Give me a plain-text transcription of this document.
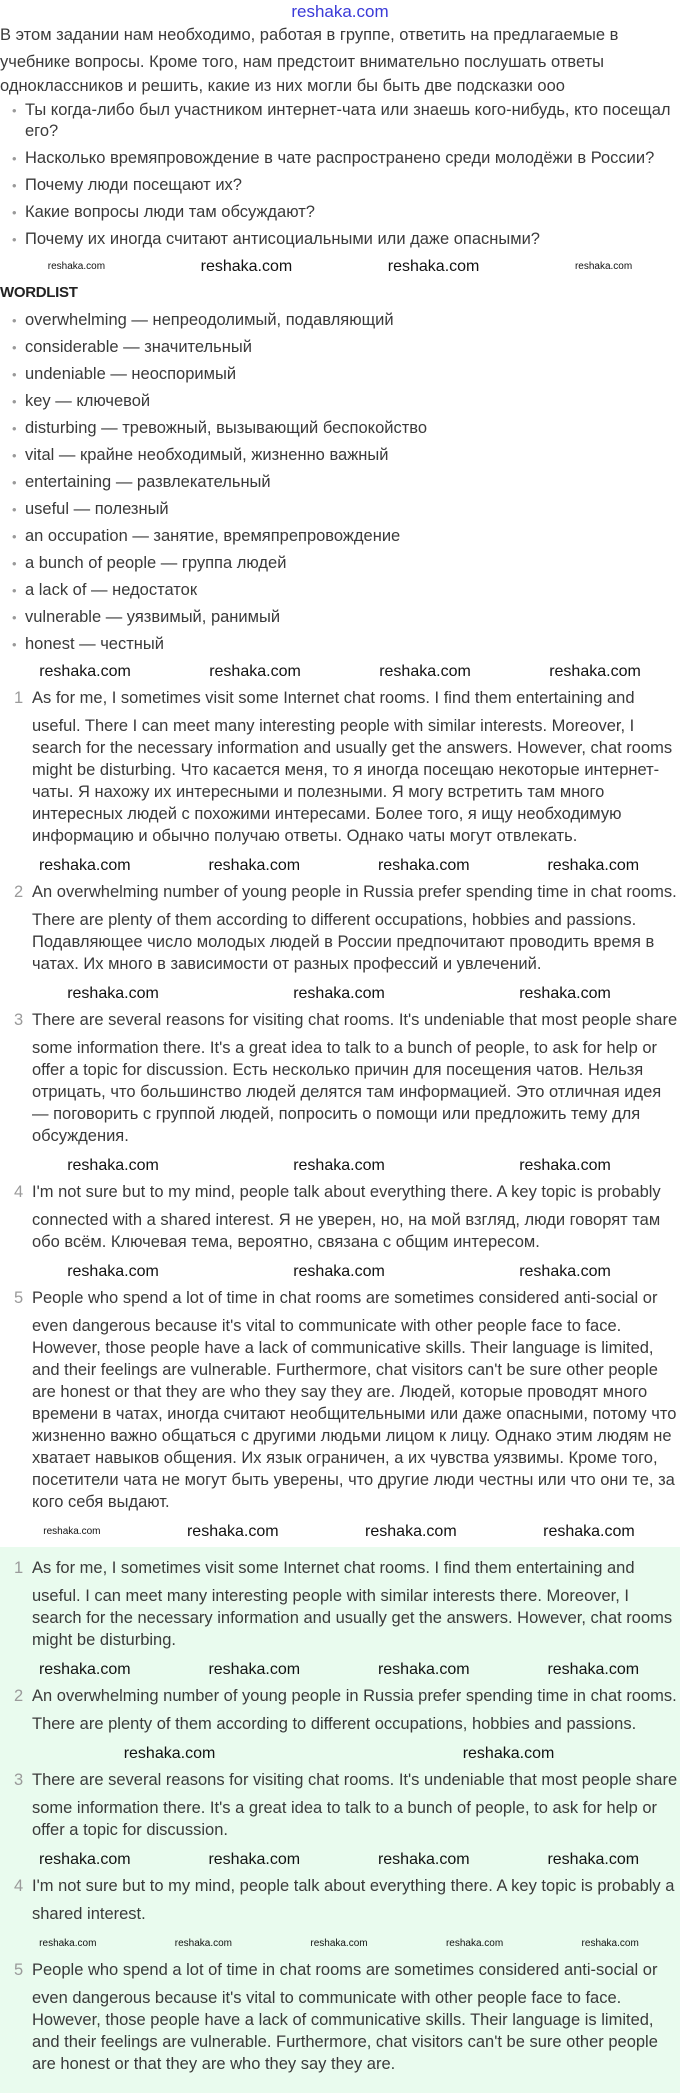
reshaka.com
В этом задании нам необходимо, работая в группе, ответить на предлагаемые в
учебнике вопросы. Кроме того, нам предстоит внимательно послушать ответы

одноклассников и решить, какие из них могли бы быть две подсказки ооо
• Ты когда-либо был участником интернет-чата или знаешь кого-нибудь, кто посещал его?
• Насколько времяпровождение в чате распространено среди молодёжи в России?
• Почему люди посещают их?
• Какие вопросы люди там обсуждают?
• Почему их иногда считают антисоциальными или даже опасными?
reshaka.com	reshaka.com	reshaka.com	reshaka.com
WORDLIST
• overwhelming — непреодолимый, подавляющий
• considerable — значительный
• undeniable — неоспоримый
• key — ключевой
• disturbing — тревожный, вызывающий беспокойство
• vital — крайне необходимый, жизненно важный
• entertaining — развлекательный
• useful — полезный
• an occupation — занятие, времяпрепровождение
• a bunch of people — группа людей
• a lack of — недостаток
• vulnerable — уязвимый, ранимый
• honest — честный
reshaka.com	reshaka.com	reshaka.com	reshaka.com
1 As for me, I sometimes visit some Internet chat rooms. I find them entertaining and
useful. There I can meet many interesting people with similar interests. Moreover, I search for the necessary information and usually get the answers. However, chat rooms might be disturbing. Что касается меня, то я иногда посещаю некоторые интернет-чаты. Я нахожу их интересными и полезными. Я могу встретить там много интересных людей с похожими интересами. Более того, я ищу необходимую информацию и обычно получаю ответы. Однако чаты могут отвлекать.
reshaka.com	reshaka.com	reshaka.com	reshaka.com
2 An overwhelming number of young people in Russia prefer spending time in chat rooms.
There are plenty of them according to different occupations, hobbies and passions. Подавляющее число молодых людей в России предпочитают проводить время в чатах. Их много в зависимости от разных профессий и увлечений.
reshaka.com	reshaka.com	reshaka.com
3 There are several reasons for visiting chat rooms. It's undeniable that most people share
some information there. It's a great idea to talk to a bunch of people, to ask for help or offer a topic for discussion. Есть несколько причин для посещения чатов. Нельзя отрицать, что большинство людей делятся там информацией. Это отличная идея — поговорить с группой людей, попросить о помощи или предложить тему для обсуждения.
reshaka.com	reshaka.com	reshaka.com
4 I'm not sure but to my mind, people talk about everything there. A key topic is probably
connected with a shared interest. Я не уверен, но, на мой взгляд, люди говорят там обо всём. Ключевая тема, вероятно, связана с общим интересом.
reshaka.com	reshaka.com	reshaka.com
5 People who spend a lot of time in chat rooms are sometimes considered anti-social or
even dangerous because it's vital to communicate with other people face to face. However, those people have a lack of communicative skills. Their language is limited, and their feelings are vulnerable. Furthermore, chat visitors can't be sure other people are honest or that they are who they say they are. Людей, которые проводят много времени в чатах, иногда считают необщительными или даже опасными, потому что жизненно важно общаться с другими людьми лицом к лицу. Однако этим людям не хватает навыков общения. Их язык ограничен, а их чувства уязвимы. Кроме того, посетители чата не могут быть уверены, что другие люди честны или что они те, за кого себя выдают.
reshaka.com	reshaka.com	reshaka.com	reshaka.com
1 As for me, I sometimes visit some Internet chat rooms. I find them entertaining and
useful. I can meet many interesting people with similar interests there. Moreover, I search for the necessary information and usually get the answers. However, chat rooms might be disturbing.
reshaka.com	reshaka.com	reshaka.com	reshaka.com
2 An overwhelming number of young people in Russia prefer spending time in chat rooms.
There are plenty of them according to different occupations, hobbies and passions.
reshaka.com	reshaka.com
3 There are several reasons for visiting chat rooms. It's undeniable that most people share
some information there. It's a great idea to talk to a bunch of people, to ask for help or offer a topic for discussion.
reshaka.com	reshaka.com	reshaka.com	reshaka.com
4 I'm not sure but to my mind, people talk about everything there. A key topic is probably a
shared interest.
reshaka.com	reshaka.com	reshaka.com	reshaka.com	reshaka.com
5 People who spend a lot of time in chat rooms are sometimes considered anti-social or
even dangerous because it's vital to communicate with other people face to face. However, those people have a lack of communicative skills. Their language is limited, and their feelings are vulnerable. Furthermore, chat visitors can't be sure other people are honest or that they are who they say they are.
